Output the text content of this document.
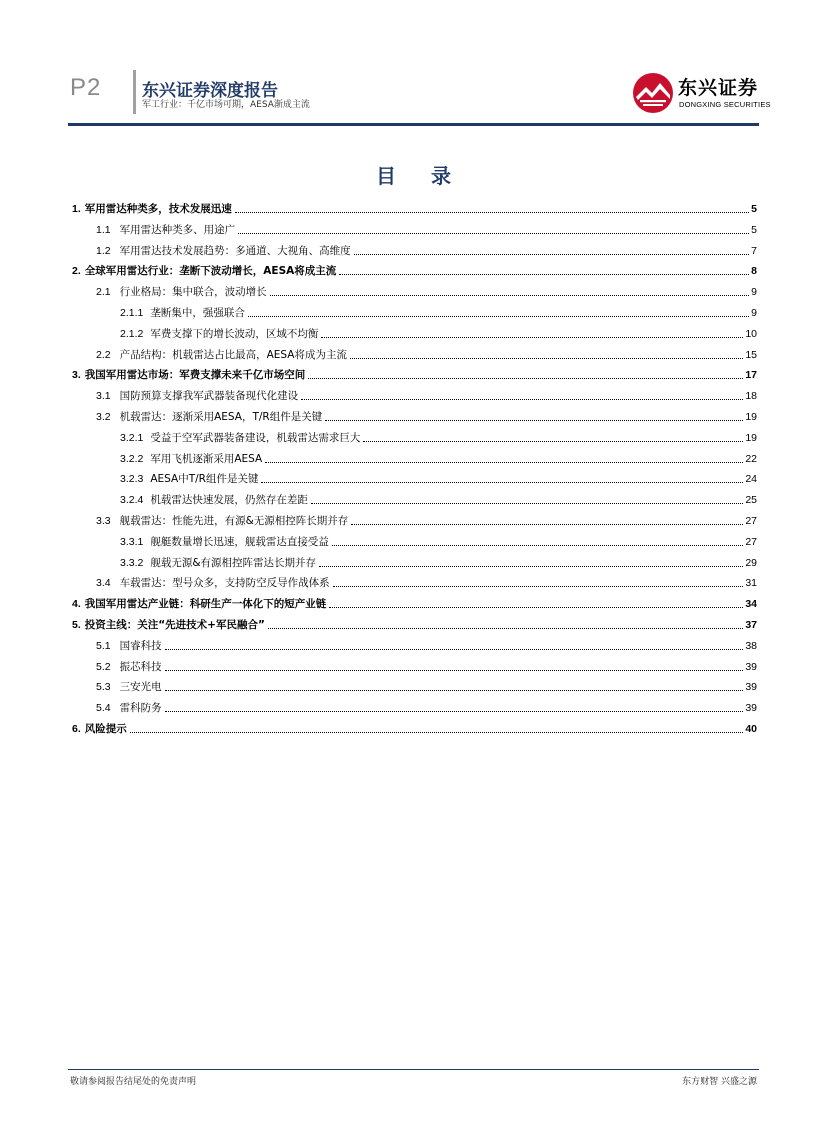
P2 东兴证券深度报告
军工行业：千亿市场可期，AESA渐成主流
东兴证券
DONGXING SECURITIES
目 录
1. 军用雷达种类多，技术发展迅速	5
1.1 军用雷达种类多、用途广	5
1.2 军用雷达技术发展趋势：多通道、大视角、高维度	7
2. 全球军用雷达行业：垄断下波动增长，AESA将成主流	8
2.1 行业格局：集中联合，波动增长	9
2.1.1 垄断集中，强强联合	9
2.1.2 军费支撑下的增长波动，区域不均衡	10
2.2 产品结构：机载雷达占比最高，AESA将成为主流	15
3. 我国军用雷达市场：军费支撑未来千亿市场空间	17
3.1 国防预算支撑我军武器装备现代化建设	18
3.2 机载雷达：逐渐采用AESA，T/R组件是关键	19
3.2.1 受益于空军武器装备建设，机载雷达需求巨大	19
3.2.2 军用飞机逐渐采用AESA	22
3.2.3 AESA中T/R组件是关键	24
3.2.4 机载雷达快速发展，仍然存在差距	25
3.3 舰载雷达：性能先进，有源&无源相控阵长期并存	27
3.3.1 舰艇数量增长迅速，舰载雷达直接受益	27
3.3.2 舰载无源&有源相控阵雷达长期并存	29
3.4 车载雷达：型号众多，支持防空反导作战体系	31
4. 我国军用雷达产业链：科研生产一体化下的短产业链	34
5. 投资主线：关注“先进技术+军民融合”	37
5.1 国睿科技	38
5.2 振芯科技	39
5.3 三安光电	39
5.4 雷科防务	39
6. 风险提示	40
敬请参阅报告结尾处的免责声明	东方财智 兴盛之源
